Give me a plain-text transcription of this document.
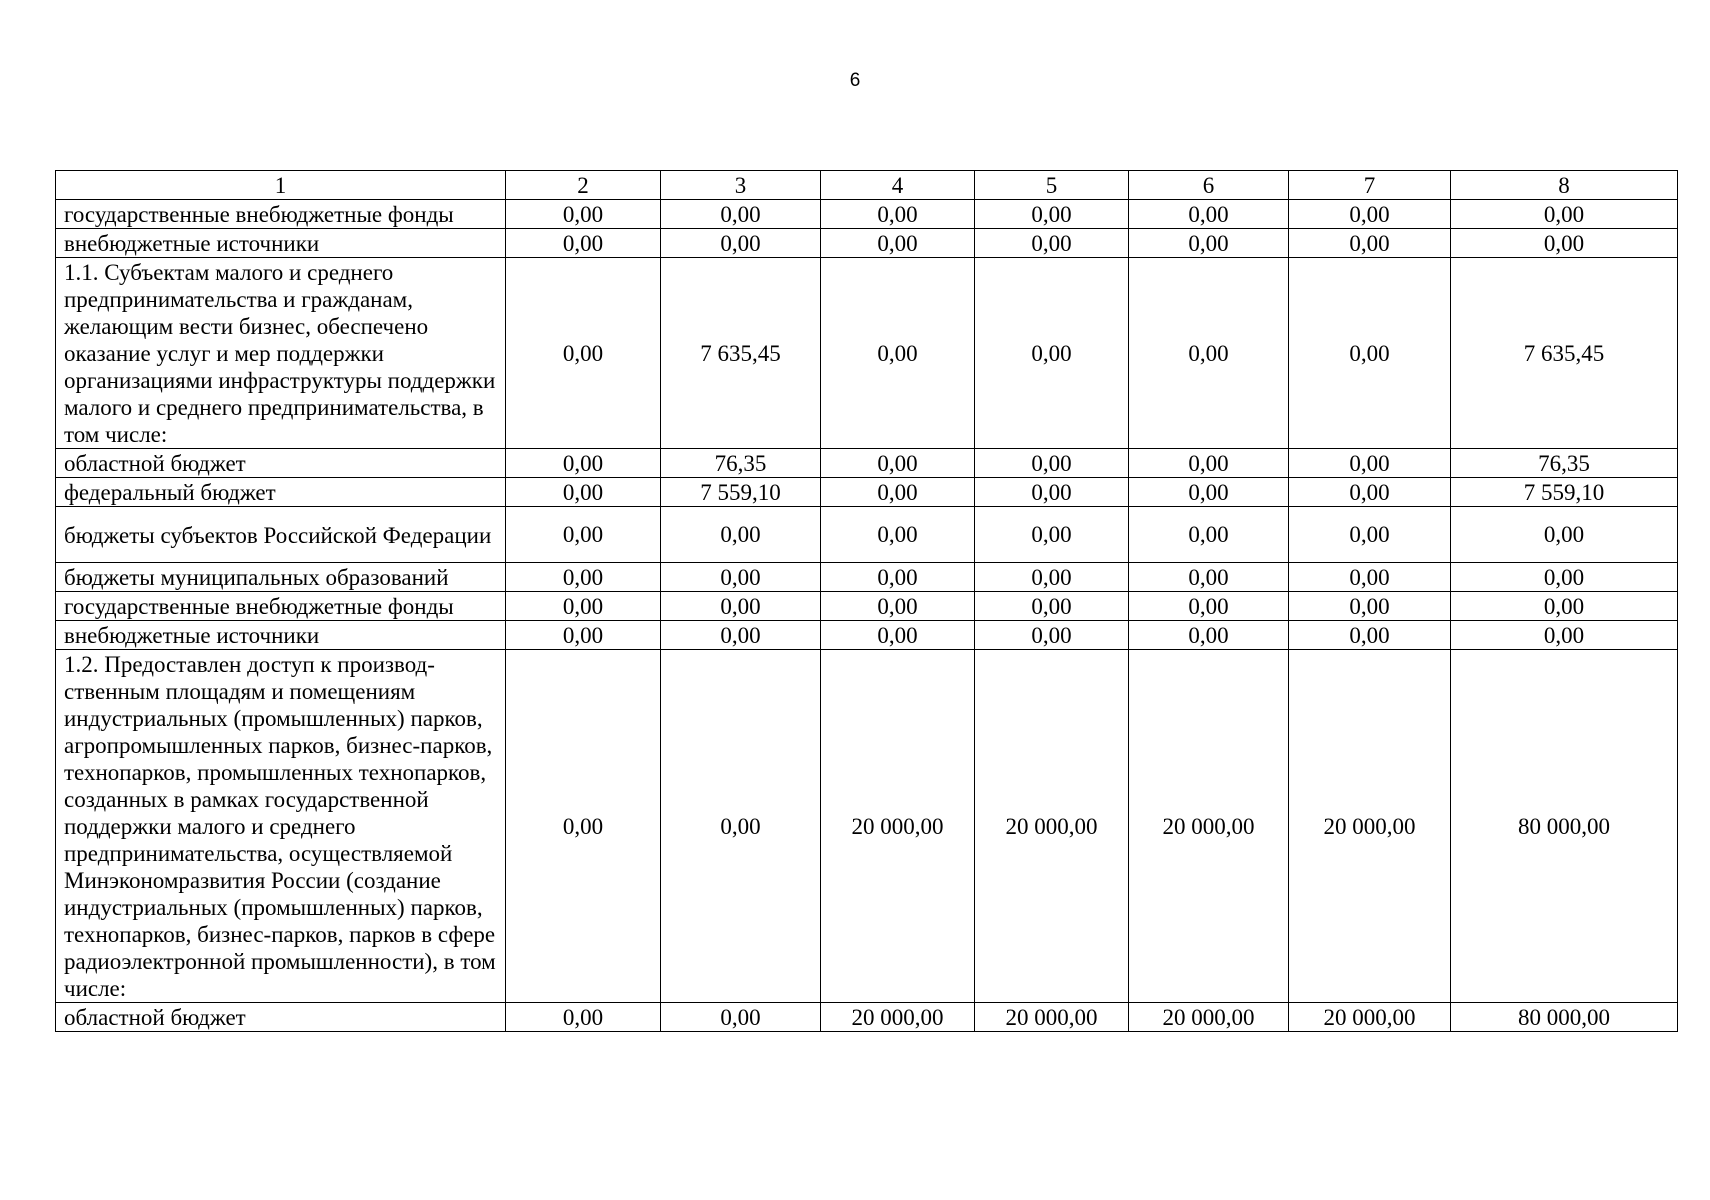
6
1	2	3	4	5	6	7	8
государственные внебюджетные фонды	0,00	0,00	0,00	0,00	0,00	0,00	0,00
внебюджетные источники	0,00	0,00	0,00	0,00	0,00	0,00	0,00
1.1. Субъектам малого и среднего предпринимательства и гражданам, желающим вести бизнес, обеспечено оказание услуг и мер поддержки организациями инфраструктуры поддержки малого и среднего предпринимательства, в том числе:	0,00	7 635,45	0,00	0,00	0,00	0,00	7 635,45
областной бюджет	0,00	76,35	0,00	0,00	0,00	0,00	76,35
федеральный бюджет	0,00	7 559,10	0,00	0,00	0,00	0,00	7 559,10
бюджеты субъектов Российской Федерации	0,00	0,00	0,00	0,00	0,00	0,00	0,00
бюджеты муниципальных образований	0,00	0,00	0,00	0,00	0,00	0,00	0,00
государственные внебюджетные фонды	0,00	0,00	0,00	0,00	0,00	0,00	0,00
внебюджетные источники	0,00	0,00	0,00	0,00	0,00	0,00	0,00
1.2. Предоставлен доступ к производ-ственным площадям и помещениям индустриальных (промышленных) парков, агропромышленных парков, бизнес-парков, технопарков, промышленных технопарков, созданных в рамках государственной поддержки малого и среднего предпринимательства, осуществляемой Минэкономразвития России (создание индустриальных (промышленных) парков, технопарков, бизнес-парков, парков в сфере радиоэлектронной промышленности), в том числе:	0,00	0,00	20 000,00	20 000,00	20 000,00	20 000,00	80 000,00
областной бюджет	0,00	0,00	20 000,00	20 000,00	20 000,00	20 000,00	80 000,00
